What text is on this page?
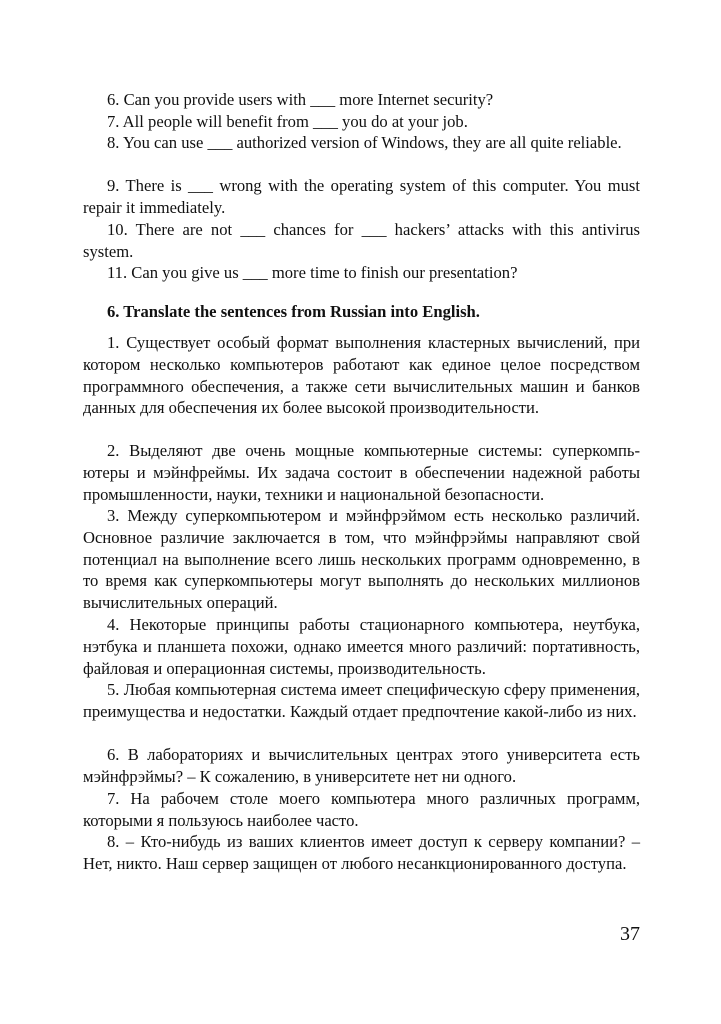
6. Can you provide users with ___ more Internet security?

7. All people will benefit from ___ you do at your job.

8. You can use ___ authorized version of Windows, they are all quite reliable.

9. There is ___ wrong with the operating system of this computer. You must repair it immediately.

10. There are not ___ chances for ___ hackers’ attacks with this antivirus system.

11. Can you give us ___ more time to finish our presentation?

6. Translate the sentences from Russian into English.

1. Существует особый формат выполнения кластерных вычислений, при котором несколько компьютеров работают как единое целое посредством программного обеспечения, а также сети вычислительных машин и банков данных для обеспечения их более высокой производительности.

2. Выделяют две очень мощные компьютерные системы: суперкомпьютеры и мэйнфреймы. Их задача состоит в обеспечении надежной работы промышленности, науки, техники и национальной безопасности.

3. Между суперкомпьютером и мэйнфрэймом есть несколько различий. Основное различие заключается в том, что мэйнфрэймы направляют свой потенциал на выполнение всего лишь нескольких программ одновременно, в то время как суперкомпьютеры могут выполнять до нескольких миллионов вычислительных операций.

4. Некоторые принципы работы стационарного компьютера, неутбука, нэтбука и планшета похожи, однако имеется много различий: портативность, файловая и операционная системы, производительность.

5. Любая компьютерная система имеет специфическую сферу применения, преимущества и недостатки. Каждый отдает предпочтение какой-либо из них.

6. В лабораториях и вычислительных центрах этого университета есть мэйнфрэймы? – К сожалению, в университете нет ни одного.

7. На рабочем столе моего компьютера много различных программ, которыми я пользуюсь наиболее часто.

8. – Кто-нибудь из ваших клиентов имеет доступ к серверу компании? – Нет, никто. Наш сервер защищен от любого несанкционированного доступа.

37
